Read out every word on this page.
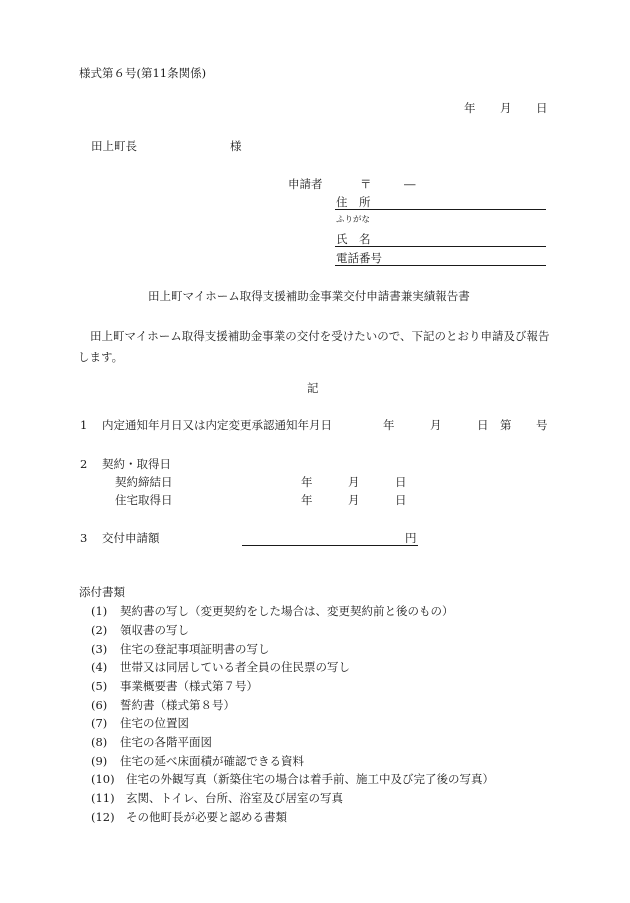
様式第６号(第11条関係)
年 月 日
田上町長	様
申請者	〒	―
住　所
ふりがな
氏　名
電話番号
田上町マイホーム取得支援補助金事業交付申請書兼実績報告書
田上町マイホーム取得支援補助金事業の交付を受けたいので、下記のとおり申請及び報告します。
記
1 内定通知年月日又は内定変更承認通知年月日	年	月	日 第 号
2 契約・取得日
契約締結日	年	月	日
住宅取得日	年	月	日
3 交付申請額	円
添付書類
(1) 契約書の写し（変更契約をした場合は、変更契約前と後のもの）
(2) 領収書の写し
(3) 住宅の登記事項証明書の写し
(4) 世帯又は同居している者全員の住民票の写し
(5) 事業概要書（様式第７号）
(6) 誓約書（様式第８号）
(7) 住宅の位置図
(8) 住宅の各階平面図
(9) 住宅の延べ床面積が確認できる資料
(10) 住宅の外観写真（新築住宅の場合は着手前、施工中及び完了後の写真）
(11) 玄関、トイレ、台所、浴室及び居室の写真
(12) その他町長が必要と認める書類
